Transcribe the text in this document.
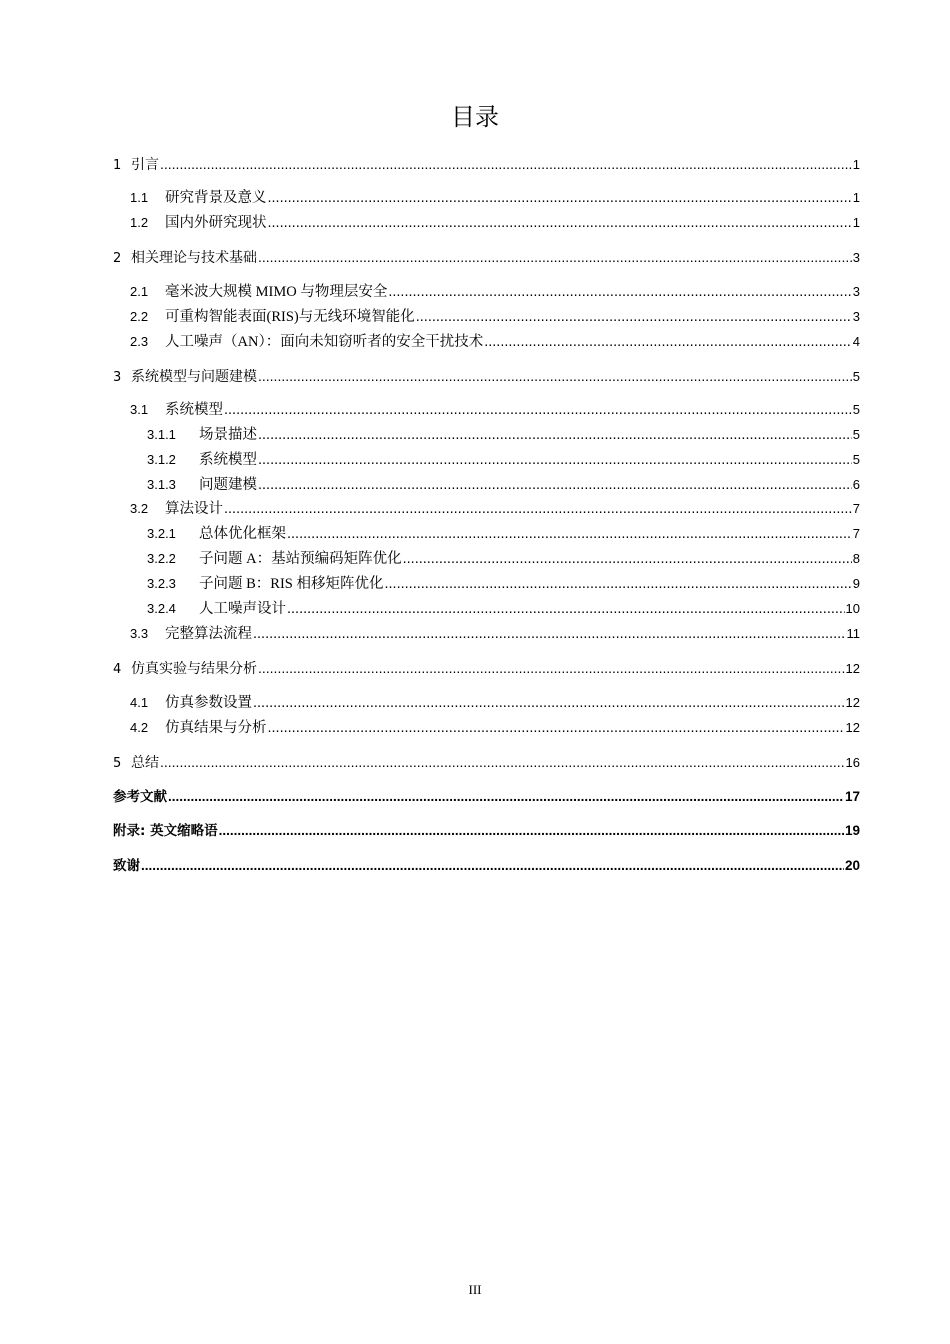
目录
1 引言 .....	1
1.1	研究背景及意义 .....	1
1.2	国内外研究现状 .....	1
2 相关理论与技术基础 .....	3
2.1	毫米波大规模 MIMO 与物理层安全 .....	3
2.2	可重构智能表面(RIS)与无线环境智能化 .....	3
2.3	人工噪声（AN）：面向未知窃听者的安全干扰技术 .....	4
3 系统模型与问题建模 .....	5
3.1	系统模型 .....	5
3.1.1	场景描述 .....	5
3.1.2	系统模型 .....	5
3.1.3	问题建模 .....	6
3.2	算法设计 .....	7
3.2.1	总体优化框架 .....	7
3.2.2	子问题 A：基站预编码矩阵优化 .....	8
3.2.3	子问题 B：RIS 相移矩阵优化 .....	9
3.2.4	人工噪声设计 .....	10
3.3	完整算法流程 .....	11
4 仿真实验与结果分析 .....	12
4.1	仿真参数设置 .....	12
4.2	仿真结果与分析 .....	12
5 总结 .....	16
参考文献 .....	17
附录: 英文缩略语 .....	19
致谢 .....	20
III
